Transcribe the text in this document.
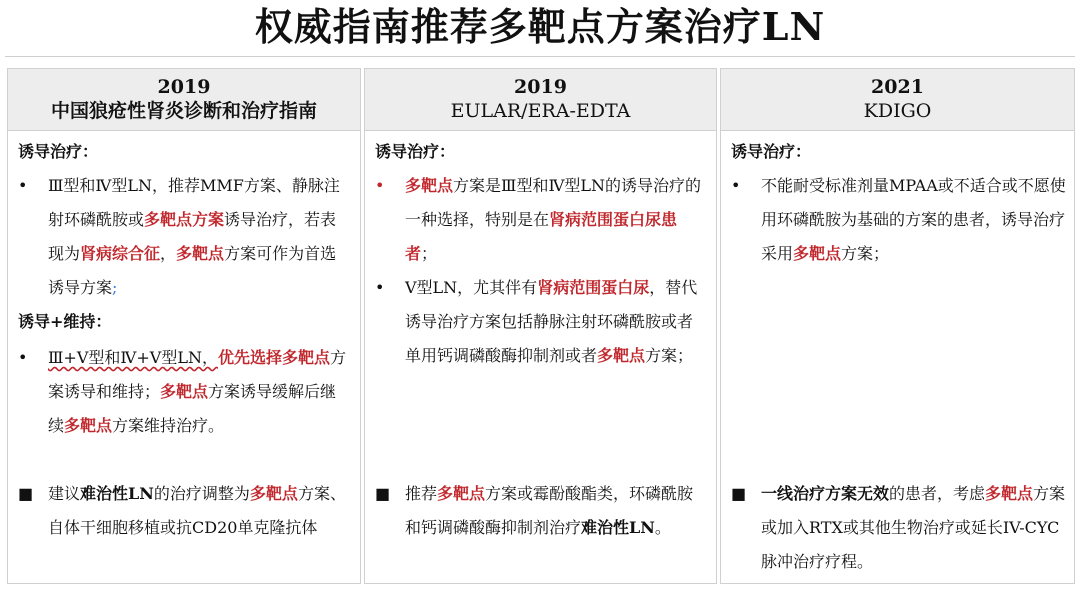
权威指南推荐多靶点方案治疗LN
2019
中国狼疮性肾炎诊断和治疗指南
诱导治疗：
•	Ⅲ型和Ⅳ型LN，推荐MMF方案、静脉注射环磷酰胺或多靶点方案诱导治疗，若表现为肾病综合征，多靶点方案可作为首选诱导方案;
诱导+维持：
•	Ⅲ+Ⅴ型和Ⅳ+Ⅴ型LN，优先选择多靶点方案诱导和维持；多靶点方案诱导缓解后继续多靶点方案维持治疗。
■ 建议难治性LN的治疗调整为多靶点方案、自体干细胞移植或抗CD20单克隆抗体
2019
EULAR/ERA-EDTA
诱导治疗：
•	多靶点方案是Ⅲ型和Ⅳ型LN的诱导治疗的一种选择，特别是在肾病范围蛋白尿患者；
•	Ⅴ型LN，尤其伴有肾病范围蛋白尿，替代诱导治疗方案包括静脉注射环磷酰胺或者单用钙调磷酸酶抑制剂或者多靶点方案；
■ 推荐多靶点方案或霉酚酸酯类，环磷酰胺和钙调磷酸酶抑制剂治疗难治性LN。
2021
KDIGO
诱导治疗：
•	不能耐受标准剂量MPAA或不适合或不愿使用环磷酰胺为基础的方案的患者，诱导治疗采用多靶点方案；
■ 一线治疗方案无效的患者，考虑多靶点方案或加入RTX或其他生物治疗或延长IV-CYC脉冲治疗疗程。
